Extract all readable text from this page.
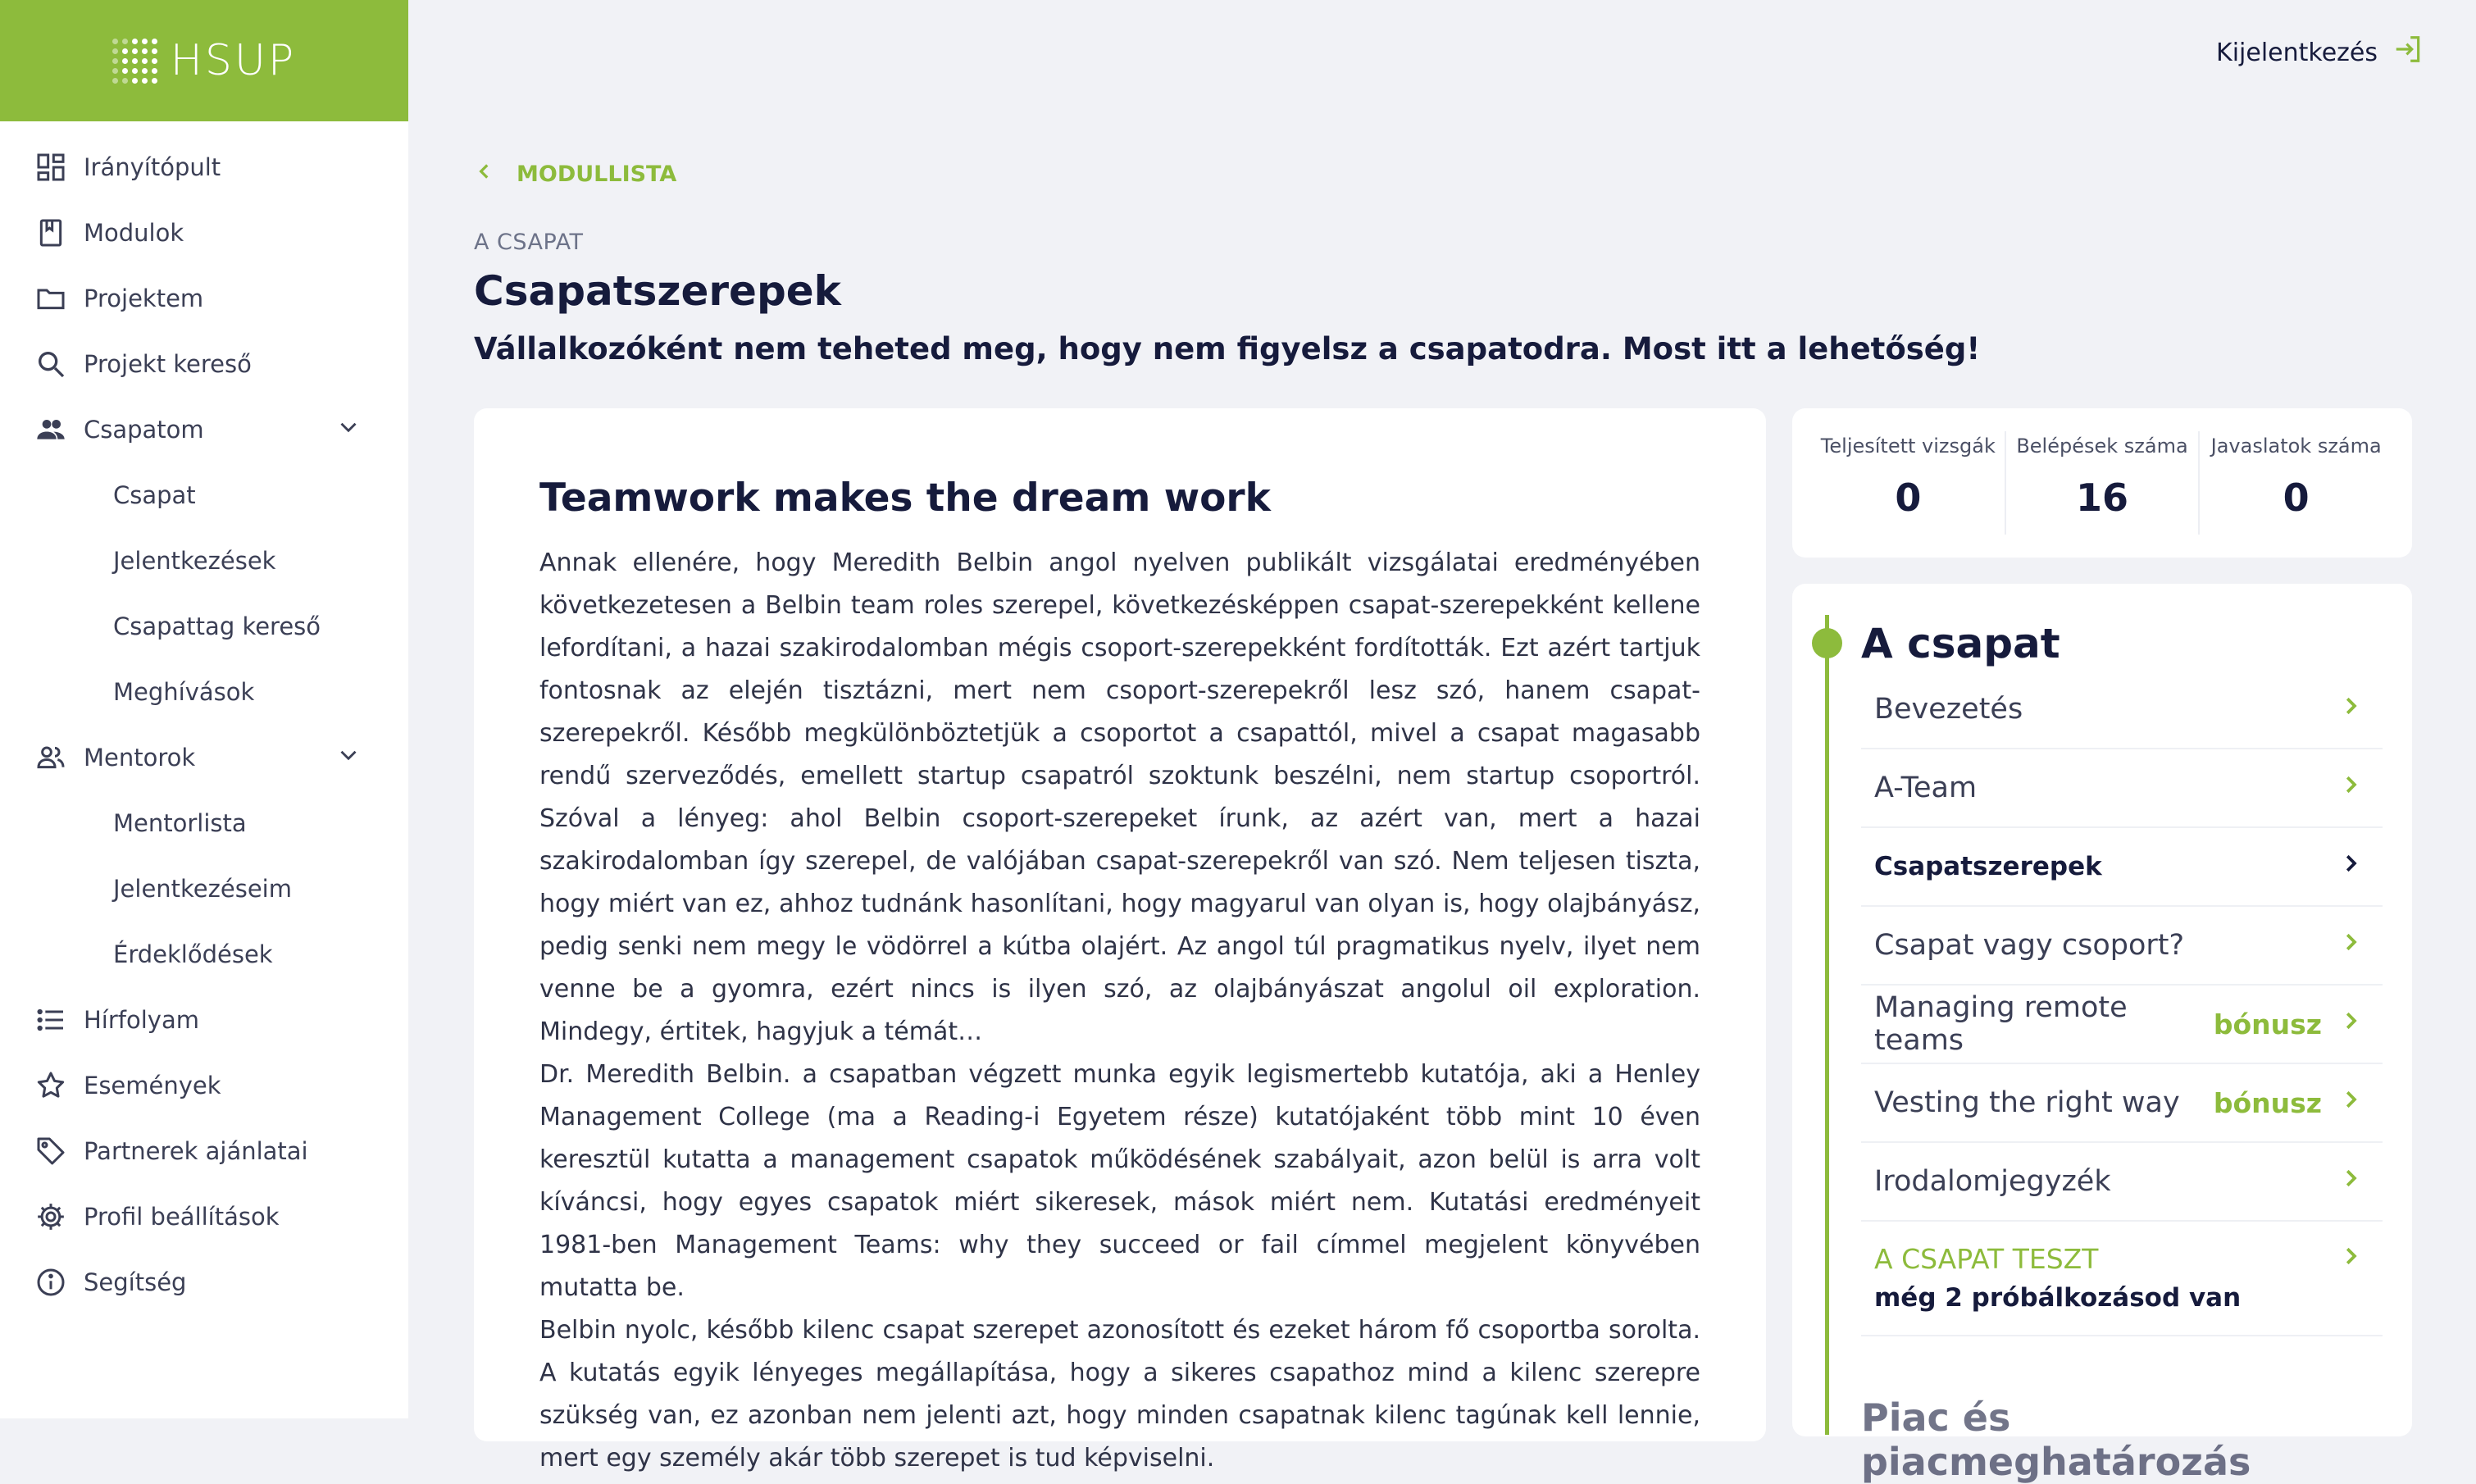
HSUP
Irányítópult
Modulok
Projektem
Projekt kereső
Csapatom
Csapat
Jelentkezések
Csapattag kereső
Meghívások
Mentorok
Mentorlista
Jelentkezéseim
Érdeklődések
Hírfolyam
Események
Partnerek ajánlatai
Profil beállítások
Segítség
Kijelentkezés
MODULLISTA
A CSAPAT
Csapatszerepek
Vállalkozóként nem teheted meg, hogy nem figyelsz a csapatodra. Most itt a lehetőség!
Teamwork makes the dream work

Annak ellenére, hogy Meredith Belbin angol nyelven publikált vizsgálatai eredményében következetesen a Belbin team roles szerepel, következésképpen csapat-szerepekként kellene lefordítani, a hazai szakirodalomban mégis csoport-szerepekként fordították. Ezt azért tartjuk fontosnak az elején tisztázni, mert nem csoport-szerepekről lesz szó, hanem csapat-szerepekről. Később megkülönböztetjük a csoportot a csapattól, mivel a csapat magasabb rendű szerveződés, emellett startup csapatról szoktunk beszélni, nem startup csoportról. Szóval a lényeg: ahol Belbin csoport-szerepeket írunk, az azért van, mert a hazai szakirodalomban így szerepel, de valójában csapat-szerepekről van szó. Nem teljesen tiszta, hogy miért van ez, ahhoz tudnánk hasonlítani, hogy magyarul van olyan is, hogy olajbányász, pedig senki nem megy le vödörrel a kútba olajért. Az angol túl pragmatikus nyelv, ilyet nem venne be a gyomra, ezért nincs is ilyen szó, az olajbányászat angolul oil exploration. Mindegy, értitek, hagyjuk a témát…

Dr. Meredith Belbin. a csapatban végzett munka egyik legismertebb kutatója, aki a Henley Management College (ma a Reading-i Egyetem része) kutatójaként több mint 10 éven keresztül kutatta a management csapatok működésének szabályait, azon belül is arra volt kíváncsi, hogy egyes csapatok miért sikeresek, mások miért nem. Kutatási eredményeit 1981-ben Management Teams: why they succeed or fail címmel megjelent könyvében mutatta be.

Belbin nyolc, később kilenc csapat szerepet azonosított és ezeket három fő csoportba sorolta. A kutatás egyik lényeges megállapítása, hogy a sikeres csapathoz mind a kilenc szerepre szükség van, ez azonban nem jelenti azt, hogy minden csapatnak kilenc tagúnak kell lennie, mert egy személy akár több szerepet is tud képviselni.

Teljesített vizsgák
0
Belépések száma
16
Javaslatok száma
0
A csapat
Bevezetés
A-Team
Csapatszerepek
Csapat vagy csoport?
Managing remote teams	bónusz
Vesting the right way	bónusz
Irodalomjegyzék
A CSAPAT TESZT
még 2 próbálkozásod van
Piac és piacmeghatározás
